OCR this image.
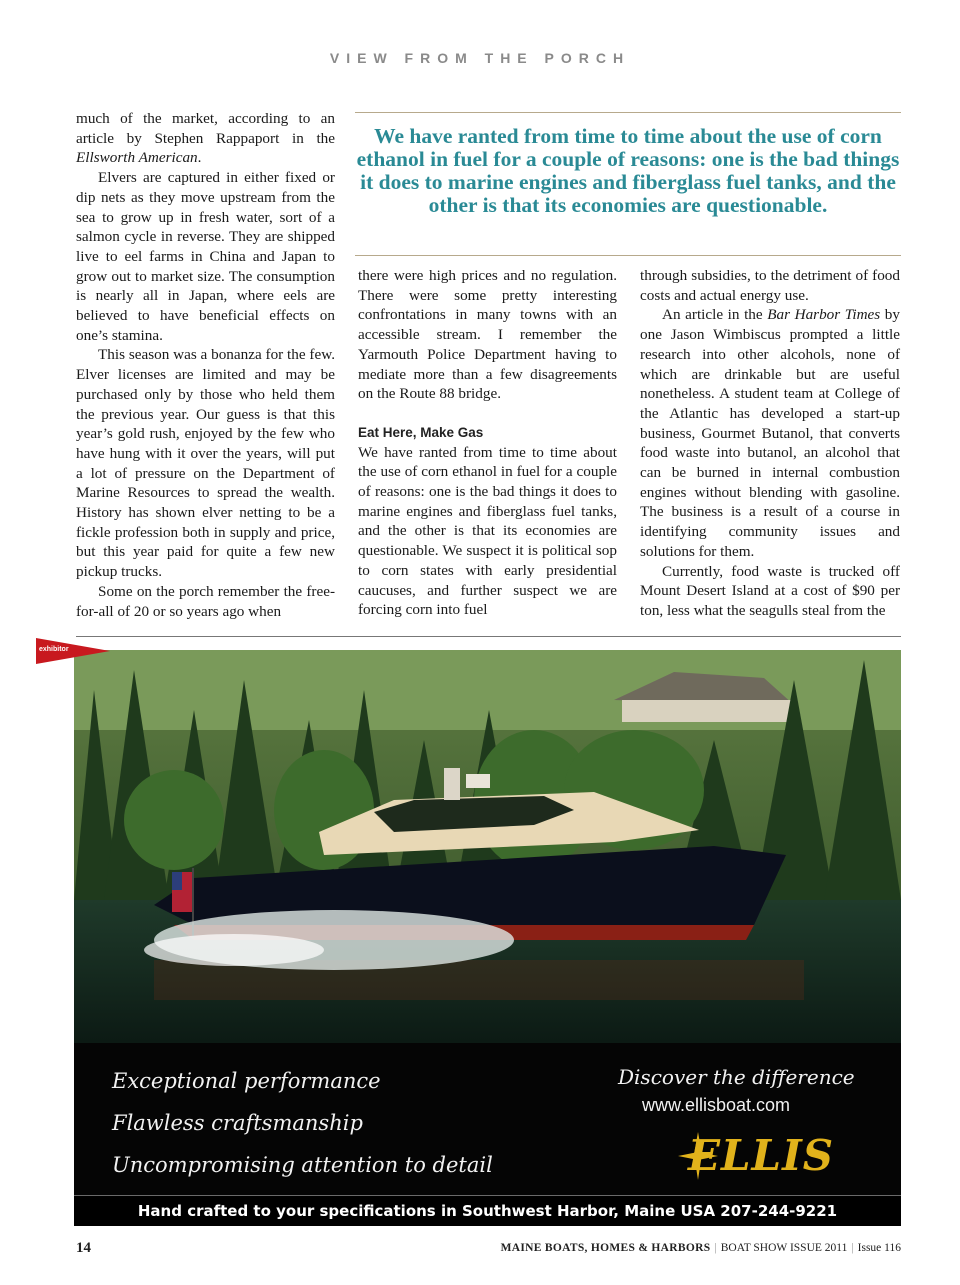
VIEW FROM THE PORCH

much of the market, according to an article by Stephen Rappaport in the Ellsworth American.

Elvers are captured in either fixed or dip nets as they move upstream from the sea to grow up in fresh water, sort of a salmon cycle in reverse. They are shipped live to eel farms in China and Japan to grow out to market size. The consumption is nearly all in Japan, where eels are believed to have beneficial effects on one’s stamina.

This season was a bonanza for the few. Elver licenses are limited and may be purchased only by those who held them the previous year. Our guess is that this year’s gold rush, enjoyed by the few who have hung with it over the years, will put a lot of pressure on the Department of Marine Resources to spread the wealth. History has shown elver netting to be a fickle profession both in supply and price, but this year paid for quite a few new pickup trucks.

Some on the porch remember the free-for-all of 20 or so years ago when

We have ranted from time to time about the use of corn ethanol in fuel for a couple of reasons: one is the bad things it does to marine engines and fiberglass fuel tanks, and the other is that its economies are questionable.

there were high prices and no regulation. There were some pretty interesting confrontations in many towns with an accessible stream. I remember the Yarmouth Police Department having to mediate more than a few disagreements on the Route 88 bridge.

Eat Here, Make Gas

We have ranted from time to time about the use of corn ethanol in fuel for a couple of reasons: one is the bad things it does to marine engines and fiberglass fuel tanks, and the other is that its economies are questionable. We suspect it is political sop to corn states with early presidential caucuses, and further suspect we are forcing corn into fuel

through subsidies, to the detriment of food costs and actual energy use.

An article in the Bar Harbor Times by one Jason Wimbiscus prompted a little research into other alcohols, none of which are drinkable but are useful nonetheless. A student team at College of the Atlantic has developed a start-up business, Gourmet Butanol, that converts food waste into butanol, an alcohol that can be burned in internal combustion engines without blending with gasoline. The business is a result of a course in identifying community issues and solutions for them.

Currently, food waste is trucked off Mount Desert Island at a cost of $90 per ton, less what the seagulls steal from the

Exceptional performance
Flawless craftsmanship
Uncompromising attention to detail
Discover the difference
www.ellisboat.com
ELLIS
Hand crafted to your specifications in Southwest Harbor, Maine USA 207-244-9221
exhibitor
14	MAINE BOATS, HOMES & HARBORS | BOAT SHOW ISSUE 2011 | Issue 116
